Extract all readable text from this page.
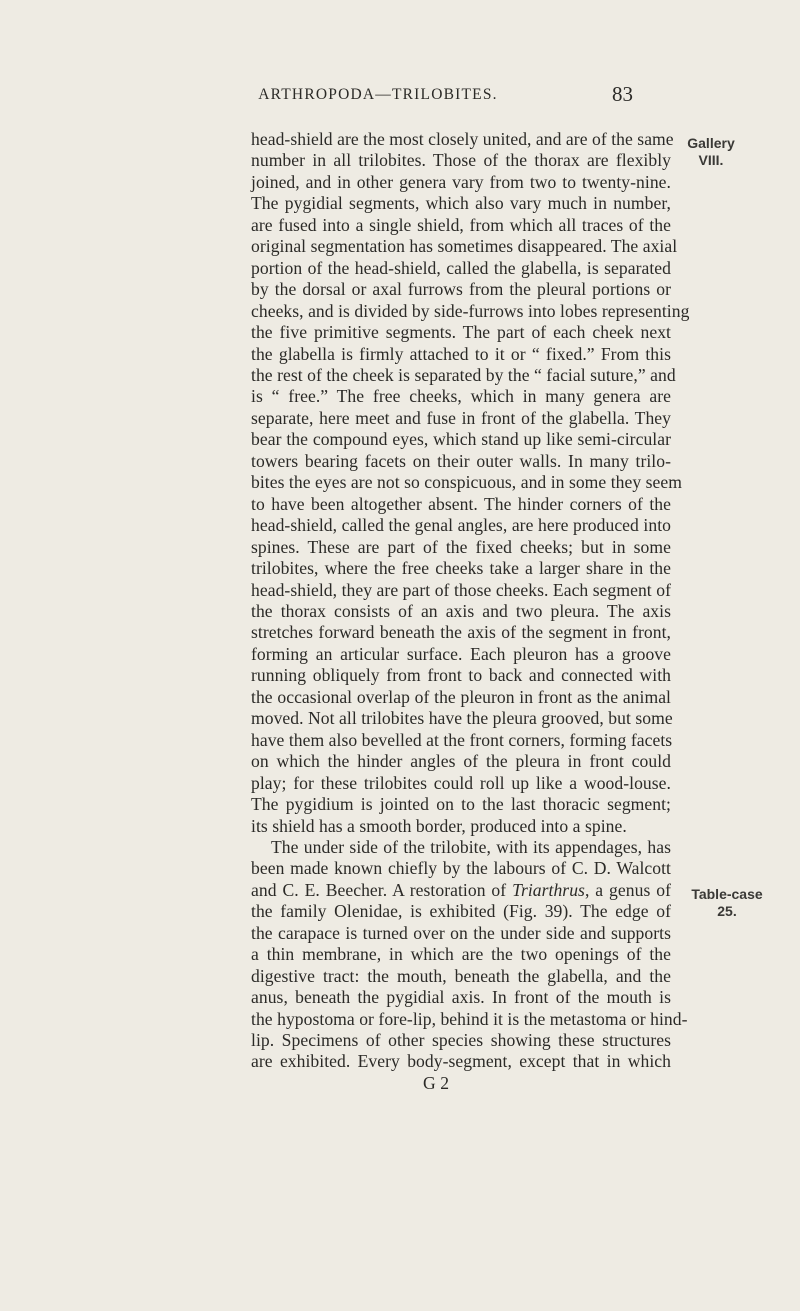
ARTHROPODA—TRILOBITES.	83
Gallery
VIII.
Table-case
25.
head-shield are the most closely united, and are of the same
number in all trilobites. Those of the thorax are flexibly
joined, and in other genera vary from two to twenty-nine.
The pygidial segments, which also vary much in number,
are fused into a single shield, from which all traces of the
original segmentation has sometimes disappeared. The axial
portion of the head-shield, called the glabella, is separated
by the dorsal or axal furrows from the pleural portions or
cheeks, and is divided by side-furrows into lobes representing
the five primitive segments. The part of each cheek next
the glabella is firmly attached to it or “ fixed.” From this
the rest of the cheek is separated by the “ facial suture,” and
is “ free.” The free cheeks, which in many genera are
separate, here meet and fuse in front of the glabella. They
bear the compound eyes, which stand up like semi-circular
towers bearing facets on their outer walls. In many trilo-
bites the eyes are not so conspicuous, and in some they seem
to have been altogether absent. The hinder corners of the
head-shield, called the genal angles, are here produced into
spines. These are part of the fixed cheeks; but in some
trilobites, where the free cheeks take a larger share in the
head-shield, they are part of those cheeks. Each segment of
the thorax consists of an axis and two pleura. The axis
stretches forward beneath the axis of the segment in front,
forming an articular surface. Each pleuron has a groove
running obliquely from front to back and connected with
the occasional overlap of the pleuron in front as the animal
moved. Not all trilobites have the pleura grooved, but some
have them also bevelled at the front corners, forming facets
on which the hinder angles of the pleura in front could
play; for these trilobites could roll up like a wood-louse.
The pygidium is jointed on to the last thoracic segment;
its shield has a smooth border, produced into a spine.
The under side of the trilobite, with its appendages, has
been made known chiefly by the labours of C. D. Walcott
and C. E. Beecher. A restoration of Triarthrus, a genus of
the family Olenidae, is exhibited (Fig. 39). The edge of
the carapace is turned over on the under side and supports
a thin membrane, in which are the two openings of the
digestive tract: the mouth, beneath the glabella, and the
anus, beneath the pygidial axis. In front of the mouth is
the hypostoma or fore-lip, behind it is the metastoma or hind-
lip. Specimens of other species showing these structures
are exhibited. Every body-segment, except that in which
G 2
